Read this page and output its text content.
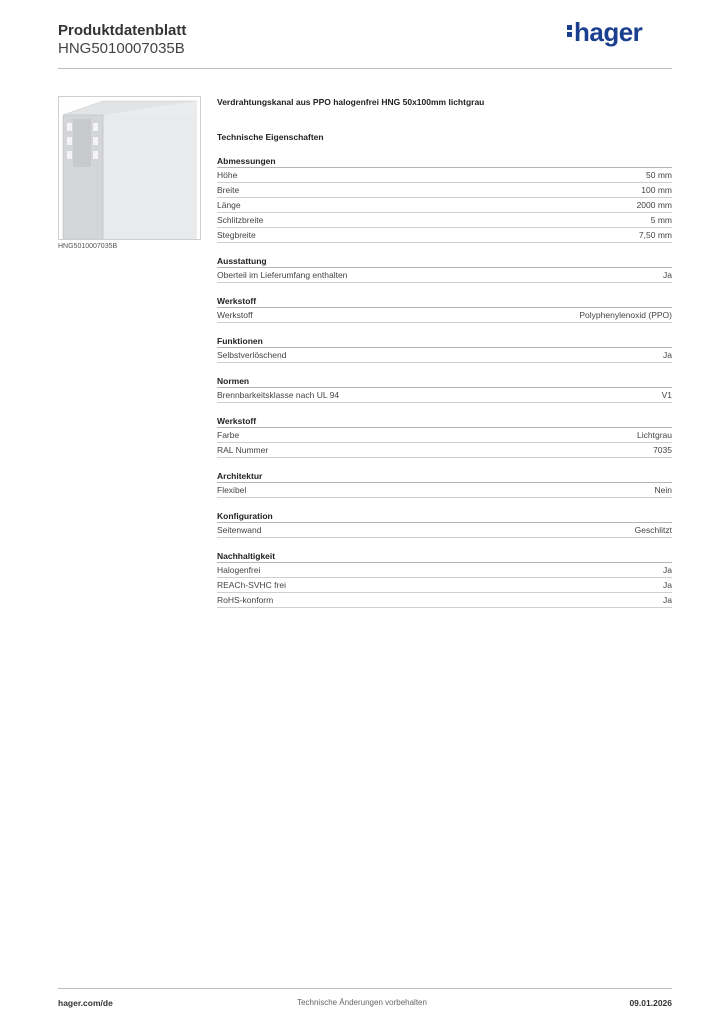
Produktdatenblatt
HNG5010007035B
hager
HNG5010007035B
Verdrahtungskanal aus PPO halogenfrei HNG 50x100mm lichtgrau
Technische Eigenschaften
Abmessungen
Höhe	50 mm
Breite	100 mm
Länge	2000 mm
Schlitzbreite	5 mm
Stegbreite	7,50 mm
Ausstattung
Oberteil im Lieferumfang enthalten	Ja
Werkstoff
Werkstoff	Polyphenylenoxid (PPO)
Funktionen
Selbstverlöschend	Ja
Normen
Brennbarkeitsklasse nach UL 94	V1
Werkstoff
Farbe	Lichtgrau
RAL Nummer	7035
Architektur
Flexibel	Nein
Konfiguration
Seitenwand	Geschlitzt
Nachhaltigkeit
Halogenfrei	Ja
REACh-SVHC frei	Ja
RoHS-konform	Ja
Technische Änderungen vorbehalten
hager.com/de	09.01.2026
